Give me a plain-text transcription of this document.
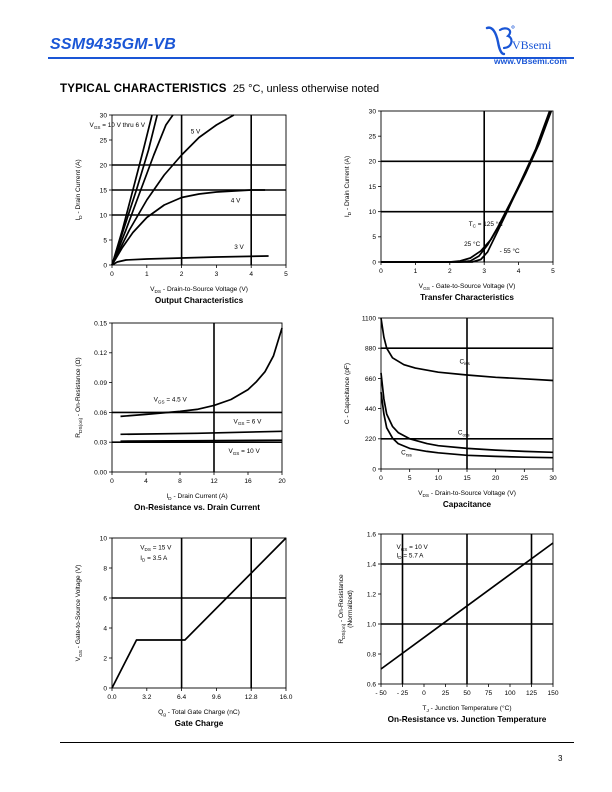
SSM9435GM-VB	VBsemi
www.VBsemi.com
TYPICAL CHARACTERISTICS 25 °C, unless otherwise noted
0	1	2	3	4	5
0
5
10
15
20
25
30
$V_{GS} = 10$ V thru 6 V
5 V
4 V
3 V
$V_{DS}$ - Drain-to-Source Voltage (V)
$I_D$ - Drain Current (A)
Output Characteristics
0	1	2	3	4	5
0
5
10
15
20
25
30
$T_C = 125$ °C
25 °C
- 55 °C
$V_{GS}$ - Gate-to-Source Voltage (V)
$I_D$ - Drain Current (A)
Transfer Characteristics
0	4	8	12	16	20
0.00
0.03
0.06
0.09
0.12
0.15
$V_{GS} = 4.5$ V
$V_{GS} = 6$ V
$V_{GS} = 10$ V
$I_D$ - Drain Current (A)
$R_{DS(on)}$ - On-Resistance (Ω)
On-Resistance vs. Drain Current
0	5	10	15	20	25	30
0
220
440
660
880
1100
$C_{iss}$
$C_{oss}$
$C_{rss}$
$V_{DS}$ - Drain-to-Source Voltage (V)
C - Capacitance (pF)
Capacitance
0.0	3.2	6.4	9.6	12.8	16.0
0
2
4
6
8
10
$V_{DS} = 15$ V
$I_D = 3.5$ A
$Q_g$ - Total Gate Charge (nC)
$V_{GS}$ - Gate-to-Source Voltage (V)
Gate Charge
- 50 - 25 0 25 50 75 100 125 150
0.6
0.8
1.0
1.2
1.4
1.6
$V_{GS} = 10$ V
$I_D = 5.7$ A
$T_J$ - Junction Temperature (°C)
$R_{DS(on)}$ - On-Resistance (Normalized)
On-Resistance vs. Junction Temperature
3
